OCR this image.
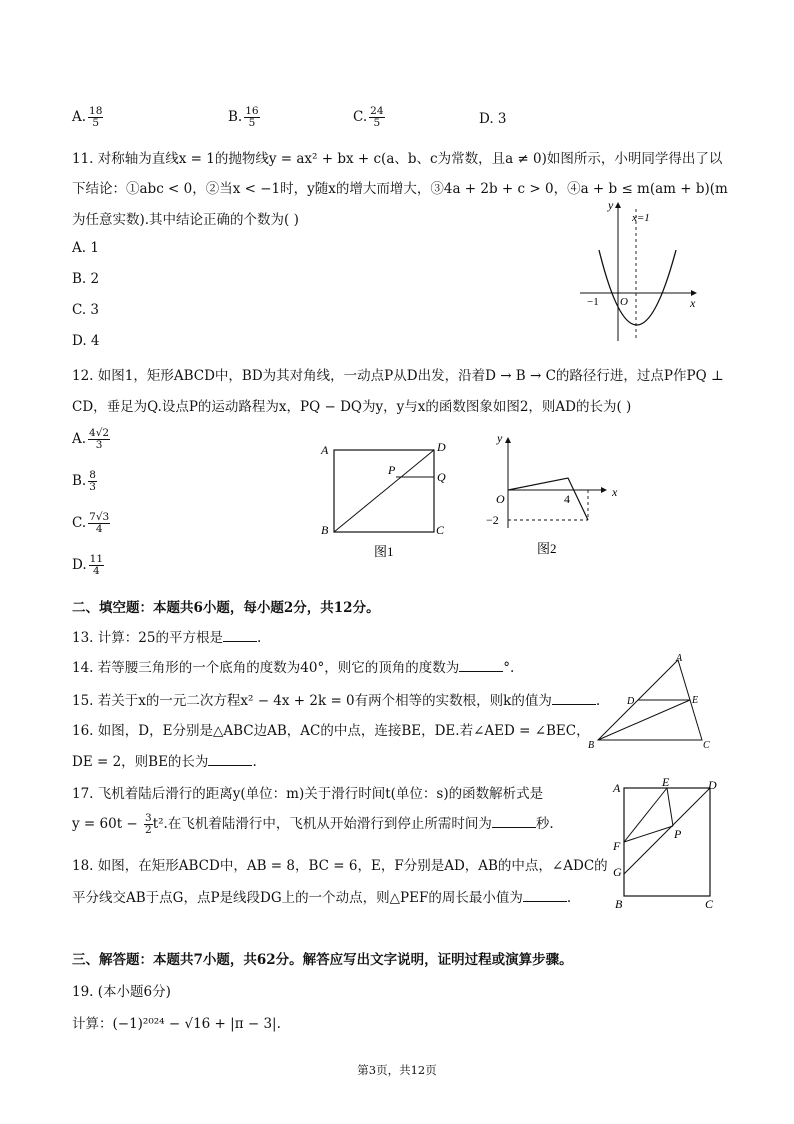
A. $\frac{18}{5}$	B. $\frac{16}{5}$	C. $\frac{24}{5}$	D. 3
11. 对称轴为直线x = 1的抛物线y = ax² + bx + c(a、b、c为常数，且a ≠ 0)如图所示，小明同学得出了以
下结论：①abc < 0，②当x < −1时，y随x的增大而增大，③4a + 2b + c > 0，④a + b ≤ m(am + b)(m
为任意实数).其中结论正确的个数为( )
A. 1
B. 2
C. 3
D. 4
y
x
x=1
−1 O
12. 如图1，矩形ABCD中，BD为其对角线，一动点P从D出发，沿着D → B → C的路径行进，过点P作PQ ⊥
CD，垂足为Q.设点P的运动路程为x，PQ − DQ为y，y与x的函数图象如图2，则AD的长为( )
A. $\frac{4√2}{3}$
B. $\frac{8}{3}$
C. $\frac{7√3}{4}$
D. $\frac{11}{4}$
A	D
P	Q
B	C
图1
y
x
O	4
−2
图2
二、填空题：本题共6小题，每小题2分，共12分。
13. 计算：25的平方根是	.
14. 若等腰三角形的一个底角的度数为40°，则它的顶角的度数为	°.
15. 若关于x的一元二次方程x² − 4x + 2k = 0有两个相等的实数根，则k的值为	.
16. 如图，D，E分别是△ABC边AB，AC的中点，连接BE，DE.若∠AED = ∠BEC，
DE = 2，则BE的长为	.
A
D	E
B	C
17. 飞机着陆后滑行的距离y(单位：m)关于滑行时间t(单位：s)的函数解析式是
$y = 60t - \frac{3}{2} t^2$.在飞机着陆滑行中，飞机从开始滑行到停止所需时间为	秒.
A	E	D
F
P
G
B	C
18. 如图，在矩形ABCD中，AB = 8，BC = 6，E，F分别是AD，AB的中点，∠ADC的
平分线交AB于点G，点P是线段DG上的一个动点，则△PEF的周长最小值为	.
三、解答题：本题共7小题，共62分。解答应写出文字说明，证明过程或演算步骤。
19. (本小题6分)
计算：(−1)²⁰²⁴ − √16 + |π − 3|.
第3页，共12页
